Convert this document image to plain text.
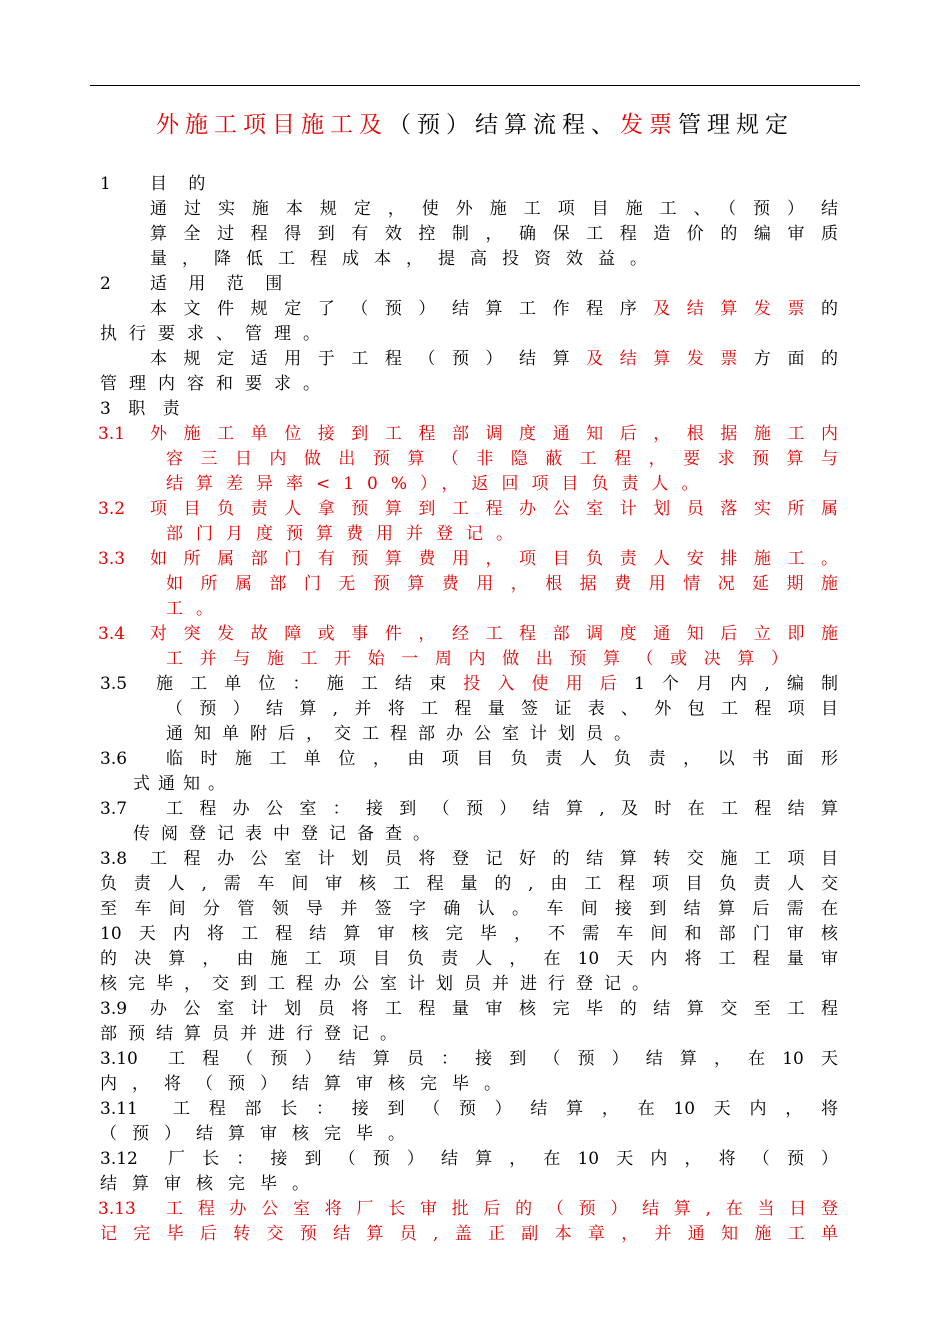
外施工项目施工及（预）结算流程、发票管理规定
1 目 的
通过实施本规定，使外施工项目施工、（预）结
算全过程得到有效控制，确保工程造价的编审质
量，降低工程成本，提高投资效益。
2 适 用 范 围
本文件规定了（预）结算工作程序及结算发票的
执行要求、管理。
本规定适用于工程（预）结算及结算发票方面的
管理内容和要求。
3 职 责
3.1 外施工单位接到工程部调度通知后，根据施工内
容三日内做出预算（非隐蔽工程，要求预算与
结算差异率<10%），返回项目负责人。
3.2 项目负责人拿预算到工程办公室计划员落实所属
部门月度预算费用并登记。
3.3 如所属部门有预算费用，项目负责人安排施工。
如所属部门无预算费用，根据费用情况延期施
工。
3.4 对突发故障或事件，经工程部调度通知后立即施
工并与施工开始一周内做出预算（或决算）
3.5 施工单位：施工结束投入使用后1个月内,编制
（预）结算,并将工程量签证表、外包工程项目
通知单附后，交工程部办公室计划员。
3.6 临时施工单位，由项目负责人负责，以书面形
式通知。
3.7 工程办公室：接到（预）结算,及时在工程结算
传阅登记表中登记备查。
3.8 工程办公室计划员将登记好的结算转交施工项目
负责人,需车间审核工程量的,由工程项目负责人交
至车间分管领导并签字确认。车间接到结算后需在
10天内将工程结算审核完毕，不需车间和部门审核
的决算，由施工项目负责人，在10天内将工程量审
核完毕，交到工程办公室计划员并进行登记。
3.9 办公室计划员将工程量审核完毕的结算交至工程
部预结算员并进行登记。
3.10 工程（预）结算员：接到（预）结算，在10天
内，将（预）结算审核完毕。
3.11 工程部长：接到（预）结算，在10天内，将
（预）结算审核完毕。
3.12 厂长：接到（预）结算，在10天内，将（预）
结算审核完毕。
3.13 工程办公室将厂长审批后的（预）结算,在当日登
记完毕后转交预结算员,盖正副本章，并通知施工单
